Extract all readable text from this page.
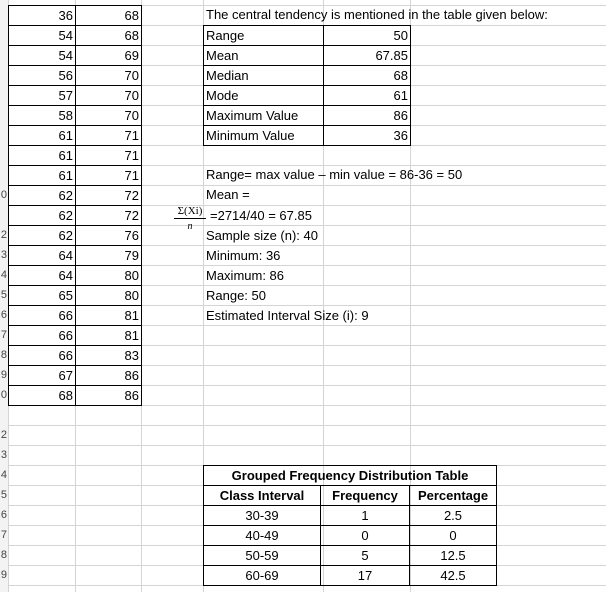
0
2
3
4
5
6
7
8
9
0
2
3
4
5
6
7
8
9
36	68
54	68
54	69
56	70
57	70
58	70
61	71
61	71
61	71
62	72
62	72
62	76
64	79
64	80
65	80
66	81
66	81
66	83
67	86
68	86
The central tendency is mentioned in the table given below:
Range	50
Mean	67.85
Median	68
Mode	61
Maximum Value	86
Minimum Value	36
Range= max value – min value = 86-36 = 50
Mean =
$\frac{\Sigma(Xi)}{n} =2714/40 = 67.85$
Sample size (n): 40
Minimum: 36
Maximum: 86
Range: 50
Estimated Interval Size (i): 9
Grouped Frequency Distribution Table		
Class Interval	Frequency	Percentage
30-39	1	2.5
40-49	0	0
50-59	5	12.5
60-69	17	42.5
